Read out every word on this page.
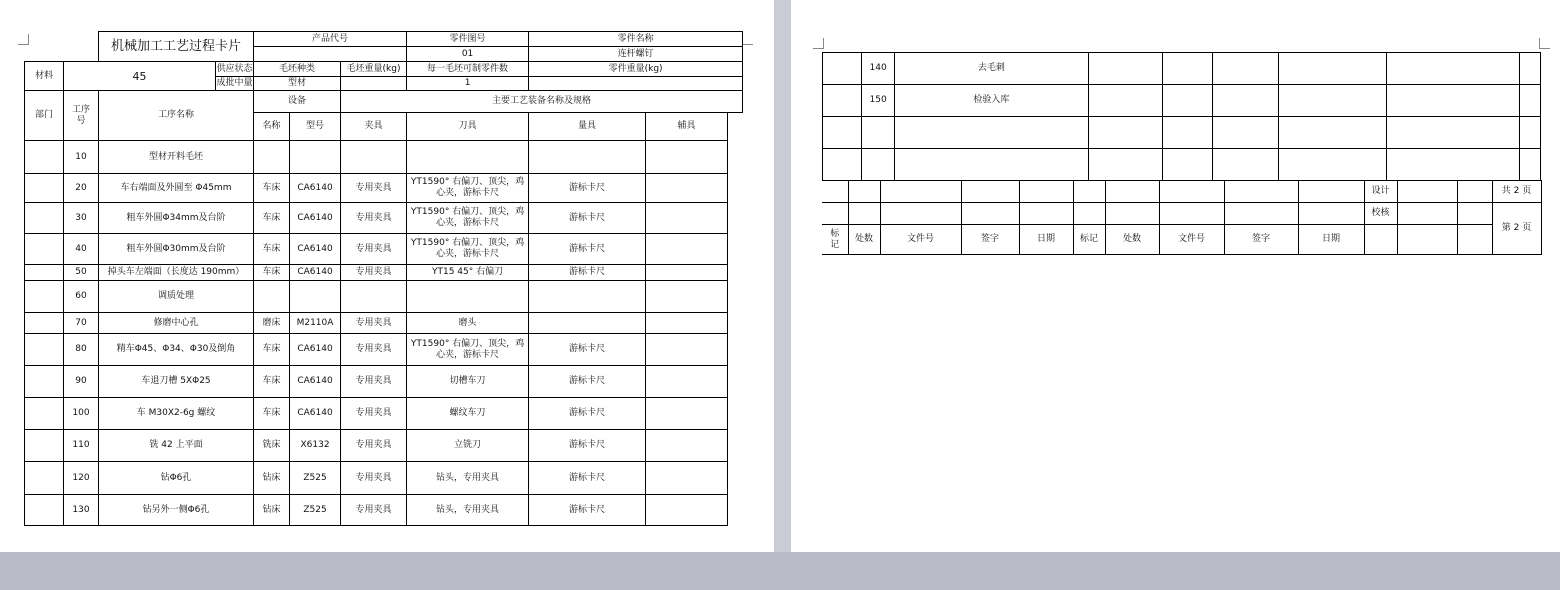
		机械加工工艺过程卡片		产品代号			零件图号	零件名称	
							01	连杆螺钉	
材料	45		供应状态	毛坯种类		毛坯重量(kg)	每一毛坯可制零件数	零件重量(kg)	
			成批中量	型材			1		
部门	工序号	工序名称		设备		主要工艺装备名称及规格			
				名称	型号	夹具	刀具	量具	辅具
	10	型材开料毛坯							
	20	车右端面及外圆至 Φ45mm		车床	CA6140	专用夹具	YT1590° 右偏刀、顶尖，鸡心夹，游标卡尺	游标卡尺	
	30	粗车外圆Φ34mm及台阶		车床	CA6140	专用夹具	YT1590° 右偏刀、顶尖，鸡心夹，游标卡尺	游标卡尺	
	40	粗车外圆Φ30mm及台阶		车床	CA6140	专用夹具	YT1590° 右偏刀、顶尖，鸡心夹，游标卡尺	游标卡尺	
	50	掉头车左端面（长度达 190mm）		车床	CA6140	专用夹具	YT15 45° 右偏刀	游标卡尺	
	60	调质处理							
	70	修磨中心孔		磨床	M2110A	专用夹具	磨头		
	80	精车Φ45、Φ34、Φ30及倒角		车床	CA6140	专用夹具	YT1590° 右偏刀、顶尖，鸡心夹，游标卡尺	游标卡尺	
	90	车退刀槽 5XΦ25		车床	CA6140	专用夹具	切槽车刀	游标卡尺	
	100	车 M30X2-6g 螺纹		车床	CA6140	专用夹具	螺纹车刀	游标卡尺	
	110	铣 42 上平面		铣床	X6132	专用夹具	立铣刀	游标卡尺	
	120	钻Φ6孔		钻床	Z525	专用夹具	钻头，专用夹具	游标卡尺	
	130	钻另外一侧Φ6孔		钻床	Z525	专用夹具	钻头，专用夹具	游标卡尺	
	140	去毛刺						
	150	检验入库						

										设计			共 2 页
										校核			第 2 页
标记	处数	文件号	签字	日期	标记	处数	文件号	签字	日期				
